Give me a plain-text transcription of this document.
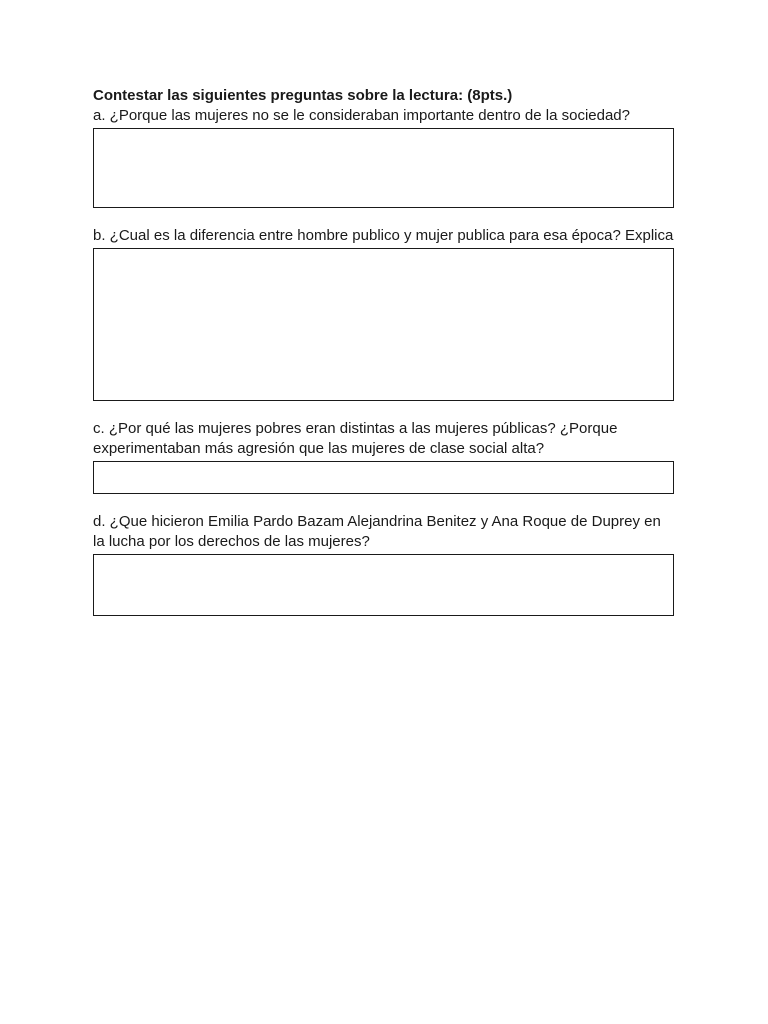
Contestar las siguientes preguntas sobre la lectura: (8pts.)

a. ¿Porque las mujeres no se le consideraban importante dentro de la sociedad?

b. ¿Cual es la diferencia entre hombre publico y mujer publica para esa época? Explica

c. ¿Por qué las mujeres pobres eran distintas a las mujeres públicas? ¿Porque experimentaban más agresión que las mujeres de clase social alta?

d. ¿Que hicieron Emilia Pardo Bazam Alejandrina Benitez y Ana Roque de Duprey en la lucha por los derechos de las mujeres?
